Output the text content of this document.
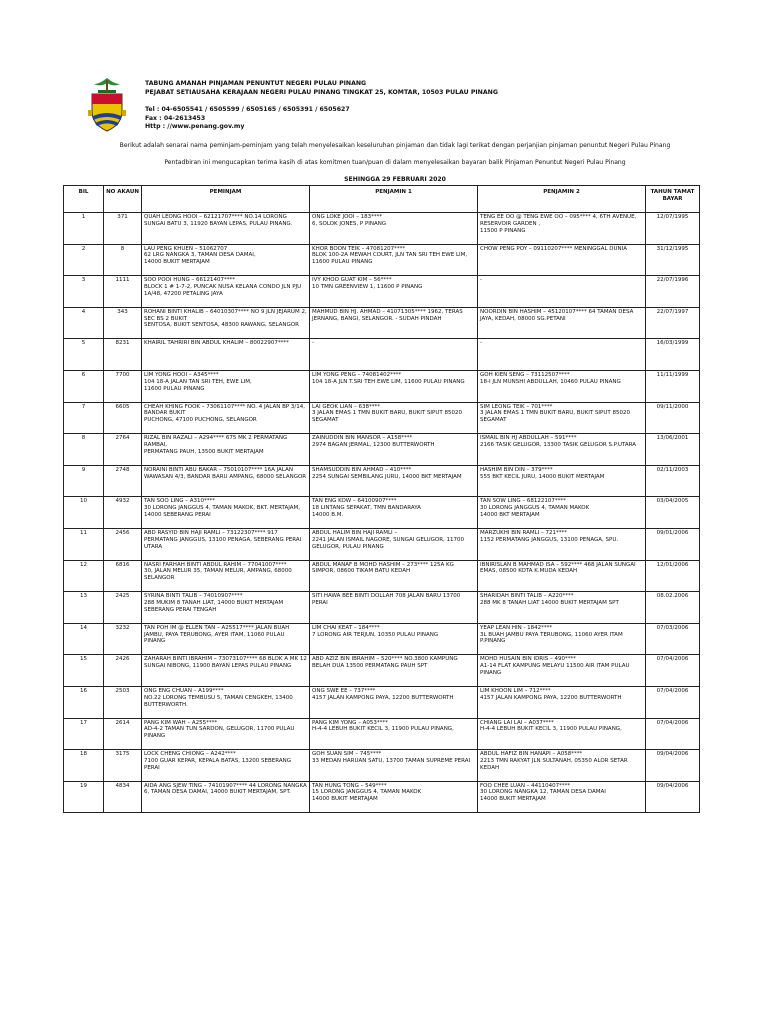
TABUNG AMANAH PINJAMAN PENUNTUT NEGERI PULAU PINANG
PEJABAT SETIAUSAHA KERAJAAN NEGERI PULAU PINANG TINGKAT 25, KOMTAR, 10503 PULAU PINANG
Tel : 04-6505541 / 6505599 / 6505165 / 6505391 / 6505627
Fax : 04-2613453
Http : //www.penang.gov.my

Berikut adalah senarai nama peminjam-peminjam yang telah menyelesaikan keseluruhan pinjaman dan tidak lagi terikat dengan perjanjian pinjaman penuntut Negeri Pulau Pinang

Pentadbiran ini mengucapkan terima kasih di atas komitmen tuan/puan di dalam menyelesaikan bayaran balik Pinjaman Penuntut Negeri Pulau Pinang

SEHINGGA 29 FEBRUARI 2020

BIL	NO AKAUN	PEMINJAM	PENJAMIN 1	PENJAMIN 2	TAHUN TAMAT BAYAR

1	371	QUAH LEONG HOOI – 62121707**** NO.14 LORONG SUNGAI BATU 3, 11920 BAYAN LEPAS, PULAU PINANG.	ONG LOKE JOOI – 183****
6, SOLOK JONES, P PINANG	TENG EE OO @ TENG EWE OO – 095**** 4, 6TH AVENUE, RESERVOIR GARDEN ,
11500 P PINANG	12/07/1995

2	8	LAU PENG KHUEN – 51062707
62 LRG NANGKA 3, TAMAN DESA DAMAI,
14000 BUKIT MERTAJAM	KHOR BOON TEIK – 47081207****
BLOK 100-2A MEWAH COURT, JLN TAN SRI TEH EWE LIM, 11600 PULAU PINANG	CHOW PENG POY – 09110207**** MENINGGAL DUNIA	31/12/1995

3	1111	SOO POOI HUNG – 66121407****
BLOCK 1 # 1-7-2, PUNCAK NUSA KELANA CONDO JLN PJU 1A/48, 47200 PETALING JAYA	IVY KHOO GUAT KIM – 56****
10 TMN GREENVIEW 1, 11600 P PINANG	-	22/07/1996

4	343	ROHANI BINTI KHALIB – 64010307**** NO 9 JLN JEJARUM 2, SEC BS 2 BUKIT
SENTOSA, BUKIT SENTOSA, 48300 RAWANG, SELANGOR	MAHMUD BIN HJ. AHMAD – 41071305**** 1962, TERAS JERNANG, BANGI, SELANGOR. - SUDAH PINDAH	NOORDIN BIN HASHIM – 45120107**** 64 TAMAN DESA JAYA, KEDAH, 08000 SG.PETANI	22/07/1997

5	8231	KHAIRIL TAHRIRI BIN ABDUL KHALIM – 80022907****	-	-	16/03/1999

6	7700	LIM YONG HOOI – A345****
104 18-A JALAN TAN SRI TEH, EWE LIM,
11600 PULAU PINANG	LIM YONG PENG – 74081402****
104 18-A JLN T.SRI TEH EWE LIM, 11600 PULAU PINANG	GOH KIEN SENG – 73112507****
18-I JLN MUNSHI ABDULLAH, 10460 PULAU PINANG	11/11/1999

7	6605	CHEAH KHING FOOK – 73061107**** NO. 4 JALAN BP 3/14, BANDAR BUKIT
PUCHONG, 47100 PUCHONG, SELANGOR	LAI GEOK LIAN – 638****
3 JALAN EMAS 1 TMN BUKIT BARU, BUKIT SIPUT 85020 SEGAMAT	SIM LEONG TEIK – 701****
3 JALAN EMAS 1 TMN BUKIT BARU, BUKIT SIPUT 85020 SEGAMAT	09/11/2000

8	2764	RIZAL BIN RAZALI – A294**** 675 MK 2 PERMATANG RAMBAI,
PERMATANG PAUH, 13500 BUKIT MERTAJAM	ZAINUDDIN BIN MANSOR – A158****
2974 BAGAN JERMAL, 12300 BUTTERWORTH	ISMAIL BIN HJ ABDULLAH – 591****
2166 TASIK GELUGOR, 13300 TASIK GELUGOR S.P.UTARA	13/06/2001

9	2748	NORAINI BINTI ABU BAKAR – 75010107**** 16A JALAN WAWASAN 4/3, BANDAR BARU AMPANG, 68000 SELANGOR	SHAMSUDDIN BIN AHMAD – 410****
2254 SUNGAI SEMBILANG JURU, 14000 BKT MERTAJAM	HASHIM BIN DIN – 379****
555 BKT KECIL JURU, 14000 BUKIT MERTAJAM	02/11/2003

10	4932	TAN SOO LING – A310****
30 LORONG JANGGUS 4, TAMAN MAKOK, BKT. MERTAJAM, 14000 SEBERANG PERAI	TAN ENG KOW – 64100907****
18 LINTANG SEPAKAT, TMN BANDARAYA
14000 B.M.	TAN SOW LING – 68122107****
30 LORONG JANGGUS 4, TAMAN MAKOK
14000 BKT MERTAJAM	03/04/2005

11	2456	ABD RASYID BIN HAJI RAMLI – 73122307**** 917 PERMATANG JANGGUS, 13100 PENAGA, SEBERANG PERAI UTARA	ABDUL HALIM BIN HAJI RAMLI –
2241 JALAN ISMAIL NAGORE, SUNGAI GELUGOR, 11700 GELUGOR, PULAU PINANG	MARZUKHI BIN RAMLI – 721****
1152 PERMATANG JANGGUS, 13100 PENAGA, SPU.	09/01/2006

12	6816	NASRI FARHAH BINTI ABDUL RAHIM – 77041007****
30, JALAN MELUR 35, TAMAN MELUR, AMPANG, 68000 SELANGOR	ABDUL MANAF B MOHD HASHIM – 273**** 125A KG SIMPOR, 08600 TIKAM BATU KEDAH	IBNIRISLAN B MAHMAD ISA – 592**** 468 JALAN SUNGAI EMAS, 08500 KOTA K.MUDA KEDAH	12/01/2006

13	2425	SYRINA BINTI TALIB – 74010907****
288 MUKIM 8 TANAH LIAT, 14000 BUKIT MERTAJAM SEBERANG PERAI TENGAH	SITI HAWA BEE BINTI DOLLAH 708 JALAN BARU 13700 PERAI	SHARIDAH BINTI TALIB – A220****
288 MK 8 TANAH LIAT 14000 BUKIT MERTAJAM SPT	08.02.2006

14	3232	TAN POH IM @ ELLEN TAN – A25517**** JALAN BUAH JAMBU, PAYA TERUBONG, AYER ITAM, 11060 PULAU PINANG	LIM CHAI KEAT – 184****
7 LORONG AIR TERJUN, 10350 PULAU PINANG	YEAP LEAN HIN - 1842****
3L BUAH JAMBU PAYA TERUBONG, 11060 AYER ITAM P.PINANG	07/03/2006

15	2426	ZAHARAH BINTI IBRAHIM – 73073107**** 68 BLOK A MK 12 SUNGAI NIBONG, 11900 BAYAN LEPAS PULAU PINANG	ABD AZIZ BIN IBRAHIM – 520**** NO.3800 KAMPUNG BELAH DUA 13500 PERMATANG PAUH SPT	MOHD HUSAIN BIN IDRIS – 490****
A1-14 FLAT KAMPUNG MELAYU 11500 AIR ITAM PULAU PINANG	07/04/2006

16	2503	ONG ENG CHUAN – A199****
NO.22 LORONG TEMBUSU 5, TAMAN CENGKEH, 13400 BUTTERWORTH.	ONG SWE EE – 737****
4157 JALAN KAMPONG PAYA, 12200 BUTTERWORTH	LIM KHOON LIM – 712****
4157 JALAN KAMPONG PAYA, 12200 BUTTERWORTH	07/04/2006

17	2614	PANG KIM WAH – A255****
AD-4-2 TAMAN TUN SARDON, GELUGOR, 11700 PULAU PINANG	PANG KIM YONG – A053****
H-4-4 LEBUH BUKIT KECIL 3, 11900 PULAU PINANG,	CHIANG LAI LAI – A037****
H-4-4 LEBUH BUKIT KECIL 3, 11900 PULAU PINANG,	07/04/2006

18	3175	LOCK CHENG CHIONG – A242****
7100 GUAR KEPAR, KEPALA BATAS, 13200 SEBERANG PERAI	GOH SUAN SIM – 745****
33 MEDAN HARUAN SATU, 13700 TAMAN SUPREME PERAI	ABDUL HAFIZ BIN HANAPI – A058****
2213 TMN RAKYAT JLN SULTANAH, 05350 ALOR SETAR KEDAH	09/04/2006

19	4834	AIDA ANG SJEW TING – 74101907**** 44 LORONG NANGKA 6, TAMAN DESA DAMAI, 14000 BUKIT MERTAJAM, SPT.	TAN HUNG TONG – 549****
15 LORONG JANGGUS 4, TAMAN MAKOK
14000 BUKIT MERTAJAM	FOO CHEE LUAN – 44110407****
30 LORONG NANGKA 12, TAMAN DESA DAMAI
14000 BUKIT MERTAJAM	09/04/2006
